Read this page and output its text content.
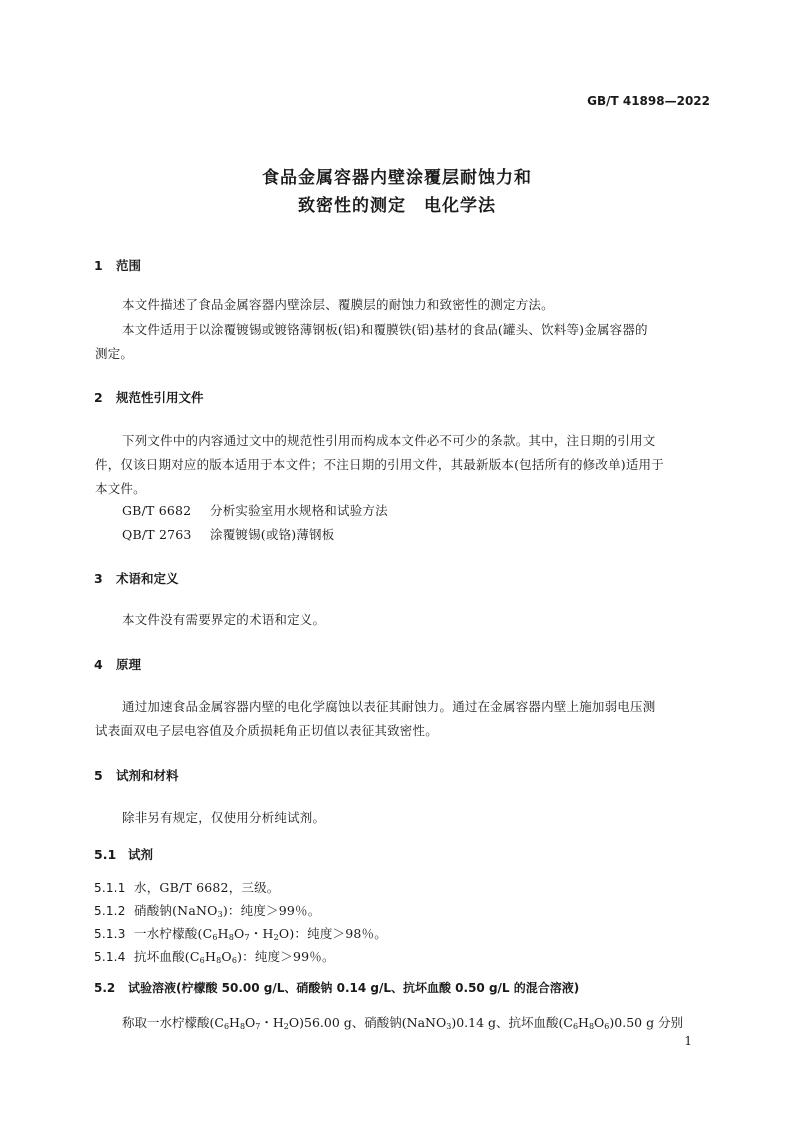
GB/T 41898—2022
食品金属容器内壁涂覆层耐蚀力和
致密性的测定　电化学法
1 范围
本文件描述了食品金属容器内壁涂层、覆膜层的耐蚀力和致密性的测定方法。
本文件适用于以涂覆镀锡或镀铬薄钢板(铝)和覆膜铁(铝)基材的食品(罐头、饮料等)金属容器的
测定。
2 规范性引用文件
下列文件中的内容通过文中的规范性引用而构成本文件必不可少的条款。其中，注日期的引用文
件，仅该日期对应的版本适用于本文件；不注日期的引用文件，其最新版本(包括所有的修改单)适用于
本文件。
GB/T 6682 分析实验室用水规格和试验方法
QB/T 2763 涂覆镀锡(或铬)薄钢板
3 术语和定义
本文件没有需要界定的术语和定义。
4 原理
通过加速食品金属容器内壁的电化学腐蚀以表征其耐蚀力。通过在金属容器内壁上施加弱电压测
试表面双电子层电容值及介质损耗角正切值以表征其致密性。
5 试剂和材料
除非另有规定，仅使用分析纯试剂。
5.1 试剂
5.1.1 水，GB/T 6682，三级。
5.1.2 硝酸钠(NaNO$_3$)：纯度＞99％。
5.1.3 一水柠檬酸($C_6H_8O_7$・$H_2O$)：纯度＞98％。
5.1.4 抗坏血酸$(C_6H_8O_6)$：纯度＞99％。
5.2 试验溶液(柠檬酸 50.00 g/L、硝酸钠 0.14 g/L、抗坏血酸 0.50 g/L 的混合溶液)
称取一水柠檬酸($C_6H_8O_7$・$H_2O)56.00$ g、硝酸钠(NaNO$_3$)0.14 g、抗坏血酸$(C_6H_8O_6)0.50$ g 分别
1
